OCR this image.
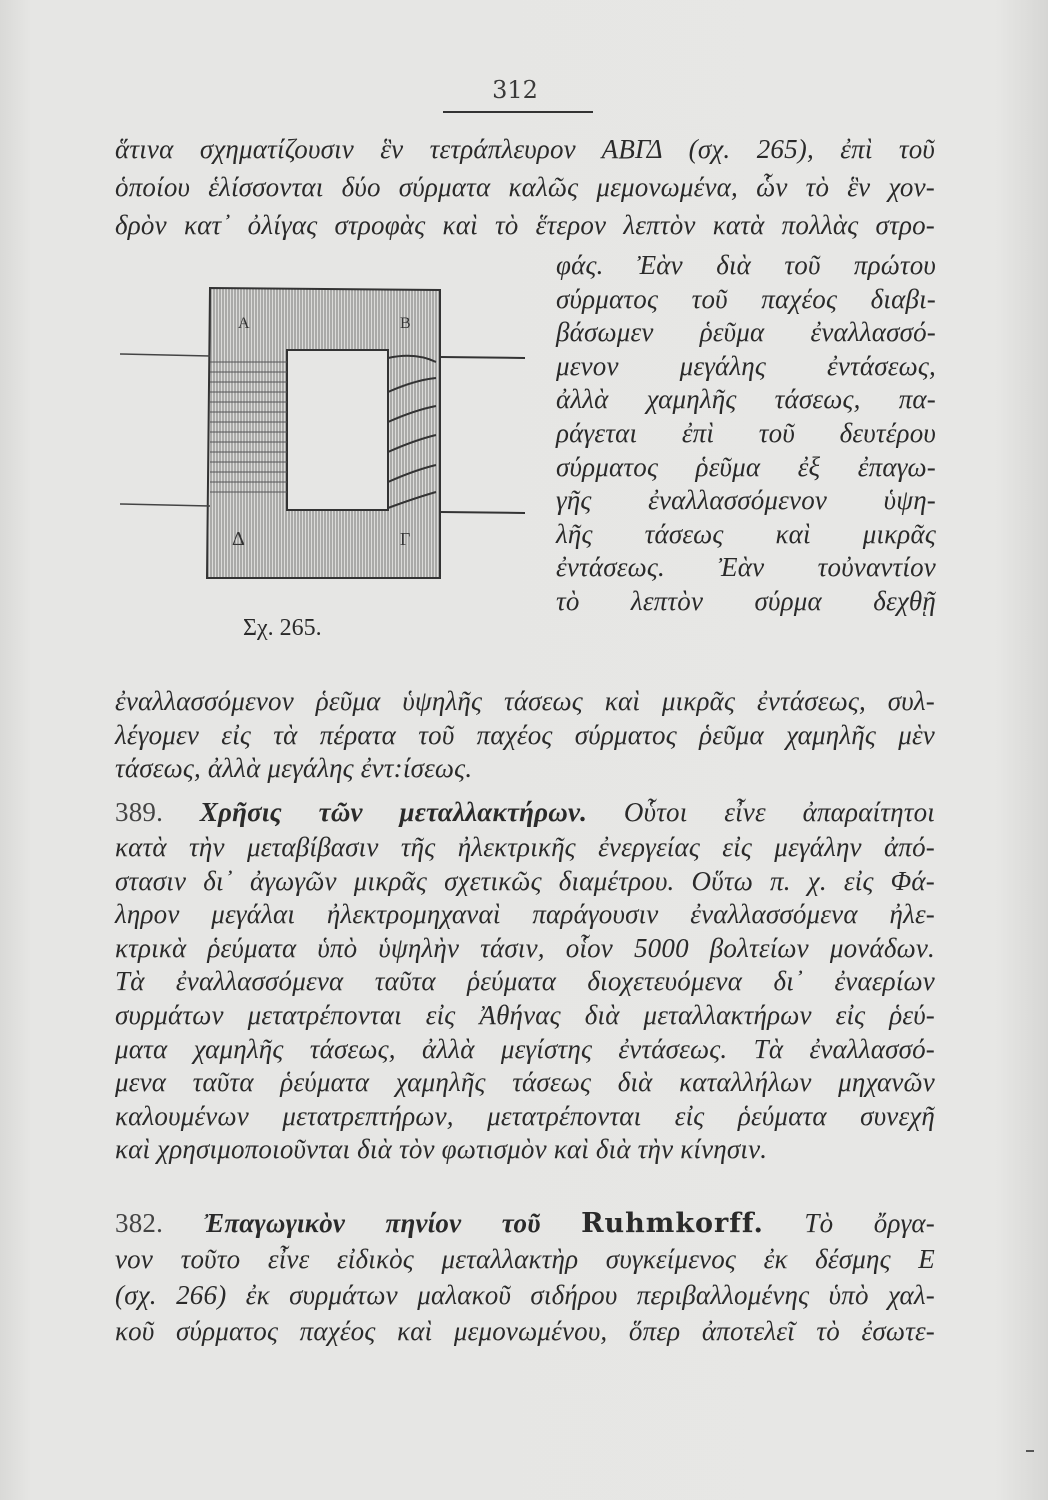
312
ἅτινα σχηματίζουσιν ἓν τετράπλευρον ΑΒΓΔ (σχ. 265), ἐπὶ τοῦ
ὁποίου ἑλίσσονται δύο σύρματα καλῶς μεμονωμένα, ὧν τὸ ἓν χον-
δρὸν κατ᾽ ὀλίγας στροφὰς καὶ τὸ ἕτερον λεπτὸν κατὰ πολλὰς στρο-
φάς. Ἐὰν διὰ τοῦ πρώτου
σύρματος τοῦ παχέος διαβι-
βάσωμεν ῥεῦμα ἐναλλασσό-
μενον μεγάλης ἐντάσεως,
ἀλλὰ χαμηλῆς τάσεως, πα-
ράγεται ἐπὶ τοῦ δευτέρου
σύρματος ῥεῦμα ἐξ ἐπαγω-
γῆς ἐναλλασσόμενον ὑψη-
λῆς τάσεως καὶ μικρᾶς
ἐντάσεως. Ἐὰν τοὐναντίον
τὸ λεπτὸν σύρμα δεχθῇ
A	B
Δ	Γ
Σχ. 265.
ἐναλλασσόμενον ῥεῦμα ὑψηλῆς τάσεως καὶ μικρᾶς ἐντάσεως, συλ-
λέγομεν εἰς τὰ πέρατα τοῦ παχέος σύρματος ῥεῦμα χαμηλῆς μὲν
τάσεως, ἀλλὰ μεγάλης ἐντ:ίσεως.
389. Χρῆσις τῶν μεταλλακτήρων. Οὗτοι εἶνε ἀπαραίτητοι
κατὰ τὴν μεταβίβασιν τῆς ἠλεκτρικῆς ἐνεργείας εἰς μεγάλην ἀπό-
στασιν δι᾽ ἀγωγῶν μικρᾶς σχετικῶς διαμέτρου. Οὕτω π. χ. εἰς Φά-
ληρον μεγάλαι ἠλεκτρομηχαναὶ παράγουσιν ἐναλλασσόμενα ἠλε-
κτρικὰ ῥεύματα ὑπὸ ὑψηλὴν τάσιν, οἷον 5000 βολτείων μονάδων.
Τὰ ἐναλλασσόμενα ταῦτα ῥεύματα διοχετευόμενα δι᾽ ἐναερίων
συρμάτων μετατρέπονται εἰς Ἀθήνας διὰ μεταλλακτήρων εἰς ῥεύ-
ματα χαμηλῆς τάσεως, ἀλλὰ μεγίστης ἐντάσεως. Τὰ ἐναλλασσό-
μενα ταῦτα ῥεύματα χαμηλῆς τάσεως διὰ καταλλήλων μηχανῶν
καλουμένων μετατρεπτήρων, μετατρέπονται εἰς ῥεύματα συνεχῆ
καὶ χρησιμοποιοῦνται διὰ τὸν φωτισμὸν καὶ διὰ τὴν κίνησιν.
382. Ἐπαγωγικὸν πηνίον τοῦ Ruhmkorff. Τὸ ὄργα-
νον τοῦτο εἶνε εἰδικὸς μεταλλακτὴρ συγκείμενος ἐκ δέσμης Ε
(σχ. 266) ἐκ συρμάτων μαλακοῦ σιδήρου περιβαλλομένης ὑπὸ χαλ-
κοῦ σύρματος παχέος καὶ μεμονωμένου, ὅπερ ἀποτελεῖ τὸ ἐσωτε-
